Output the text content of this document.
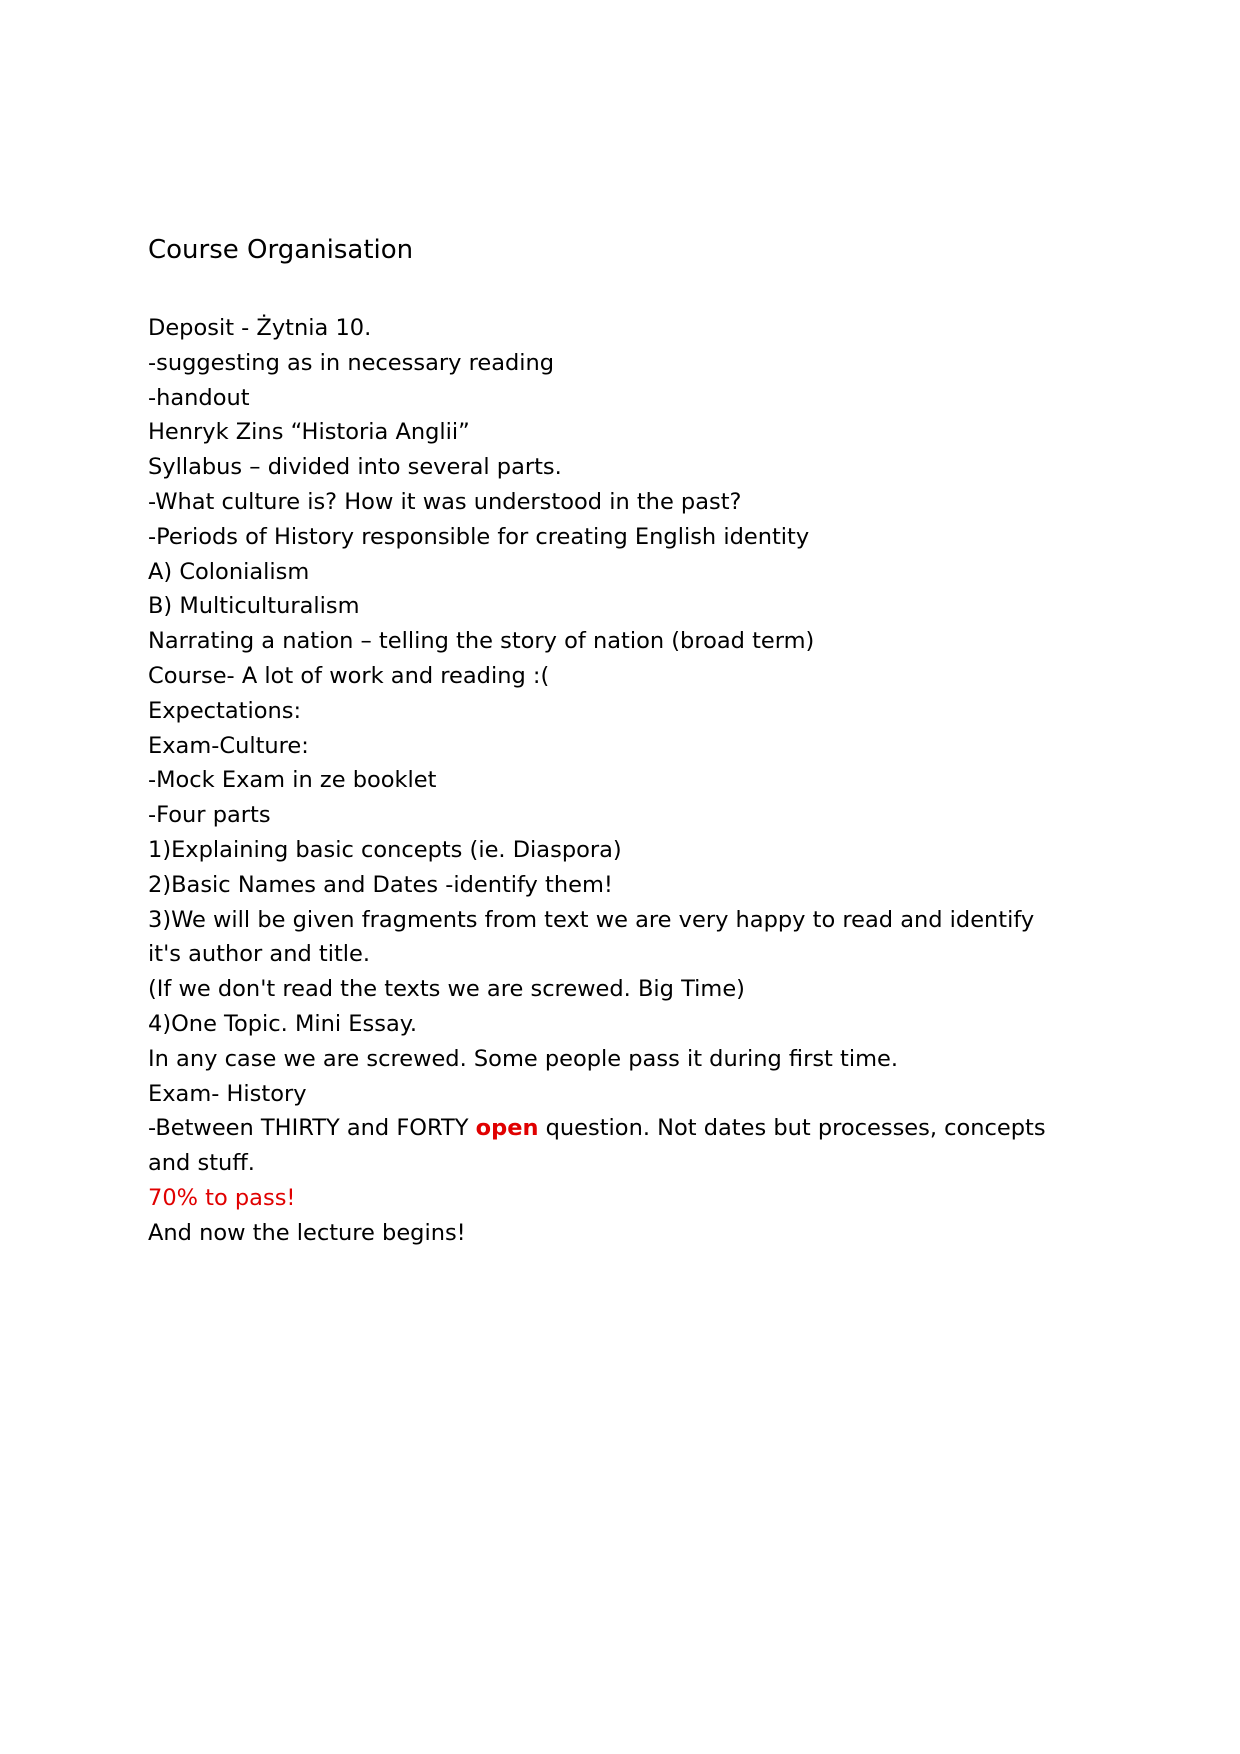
Course Organisation

Deposit - Żytnia 10.

-suggesting as in necessary reading

-handout

Henryk Zins “Historia Anglii”

Syllabus – divided into several parts.

-What culture is? How it was understood in the past?

-Periods of History responsible for creating English identity

A) Colonialism

B) Multiculturalism

Narrating a nation – telling the story of nation (broad term)

Course- A lot of work and reading :(

Expectations:

Exam-Culture:

-Mock Exam in ze booklet

-Four parts

1)Explaining basic concepts (ie. Diaspora)

2)Basic Names and Dates -identify them!

3)We will be given fragments from text we are very happy to read and identify

it's author and title.

(If we don't read the texts we are screwed. Big Time)

4)One Topic. Mini Essay.

In any case we are screwed. Some people pass it during first time.

Exam- History

-Between THIRTY and FORTY open question. Not dates but processes, concepts

and stuff.

70% to pass!

And now the lecture begins!
